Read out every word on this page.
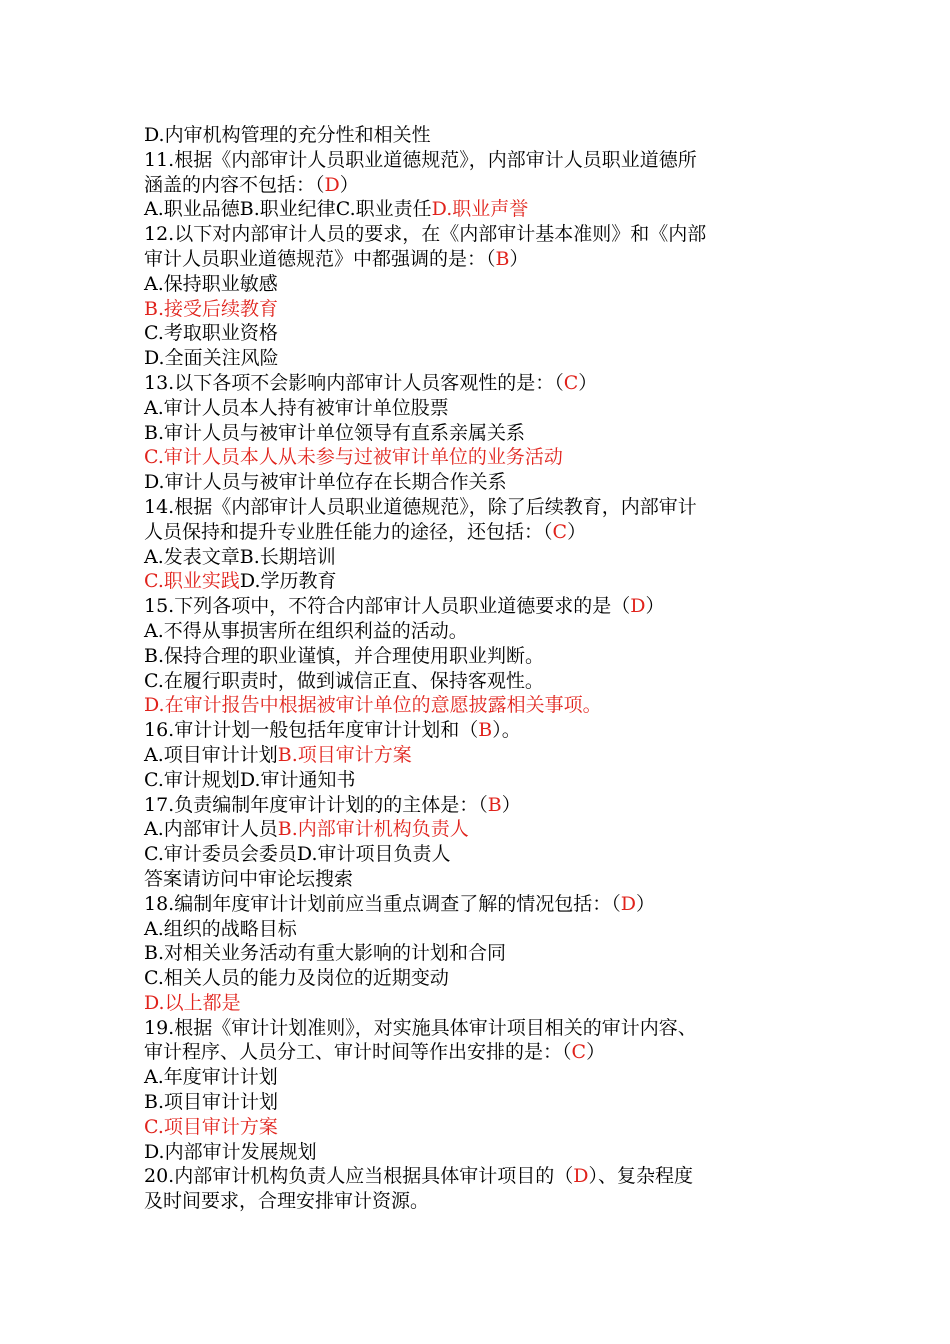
D.内审机构管理的充分性和相关性
11.根据《内部审计人员职业道德规范》，内部审计人员职业道德所
涵盖的内容不包括：（D）
A.职业品德B.职业纪律C.职业责任D.职业声誉
12.以下对内部审计人员的要求，在《内部审计基本准则》和《内部
审计人员职业道德规范》中都强调的是：（B）
A.保持职业敏感
B.接受后续教育
C.考取职业资格
D.全面关注风险
13.以下各项不会影响内部审计人员客观性的是：（C）
A.审计人员本人持有被审计单位股票
B.审计人员与被审计单位领导有直系亲属关系
C.审计人员本人从未参与过被审计单位的业务活动
D.审计人员与被审计单位存在长期合作关系
14.根据《内部审计人员职业道德规范》，除了后续教育，内部审计
人员保持和提升专业胜任能力的途径，还包括：（C）
A.发表文章B.长期培训
C.职业实践D.学历教育
15.下列各项中，不符合内部审计人员职业道德要求的是（D）
A.不得从事损害所在组织利益的活动。
B.保持合理的职业谨慎，并合理使用职业判断。
C.在履行职责时，做到诚信正直、保持客观性。
D.在审计报告中根据被审计单位的意愿披露相关事项。
16.审计计划一般包括年度审计计划和（B）。
A.项目审计计划B.项目审计方案
C.审计规划D.审计通知书
17.负责编制年度审计计划的的主体是：（B）
A.内部审计人员B.内部审计机构负责人
C.审计委员会委员D.审计项目负责人
答案请访问中审论坛搜索
18.编制年度审计计划前应当重点调查了解的情况包括：（D）
A.组织的战略目标
B.对相关业务活动有重大影响的计划和合同
C.相关人员的能力及岗位的近期变动
D.以上都是
19.根据《审计计划准则》，对实施具体审计项目相关的审计内容、
审计程序、人员分工、审计时间等作出安排的是：（C）
A.年度审计计划
B.项目审计计划
C.项目审计方案
D.内部审计发展规划
20.内部审计机构负责人应当根据具体审计项目的（D）、复杂程度
及时间要求，合理安排审计资源。
